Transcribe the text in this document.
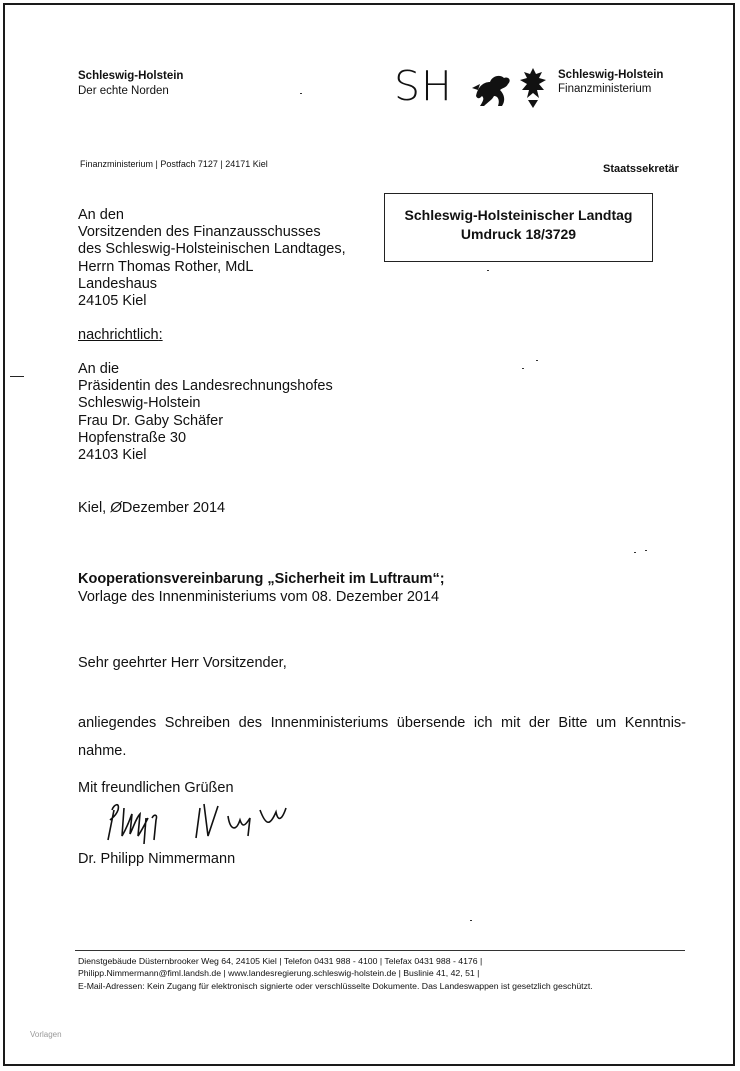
Schleswig-Holstein
Der echte Norden	SH	Schleswig-Holstein
Finanzministerium
Finanzministerium | Postfach 7127 | 24171 Kiel	Staatssekretär
Schleswig-Holsteinischer Landtag
Umdruck 18/3729
An den
Vorsitzenden des Finanzausschusses
des Schleswig-Holsteinischen Landtages,
Herrn Thomas Rother, MdL
Landeshaus
24105 Kiel
nachrichtlich:
—	An die
Präsidentin des Landesrechnungshofes
Schleswig-Holstein
Frau Dr. Gaby Schäfer
Hopfenstraße 30
24103 Kiel
Kiel, ØDezember 2014
Kooperationsvereinbarung „Sicherheit im Luftraum“;
Vorlage des Innenministeriums vom 08. Dezember 2014
Sehr geehrter Herr Vorsitzender,
anliegendes Schreiben des Innenministeriums übersende ich mit der Bitte um Kenntnis-nahme.
Mit freundlichen Grüßen
Dr. Philipp Nimmermann
Dienstgebäude Düsternbrooker Weg 64, 24105 Kiel | Telefon 0431 988 - 4100 | Telefax 0431 988 - 4176 |
Philipp.Nimmermann@fiml.landsh.de | www.landesregierung.schleswig-holstein.de | Buslinie 41, 42, 51 |
E-Mail-Adressen: Kein Zugang für elektronisch signierte oder verschlüsselte Dokumente. Das Landeswappen ist gesetzlich geschützt.
Vorlagen
